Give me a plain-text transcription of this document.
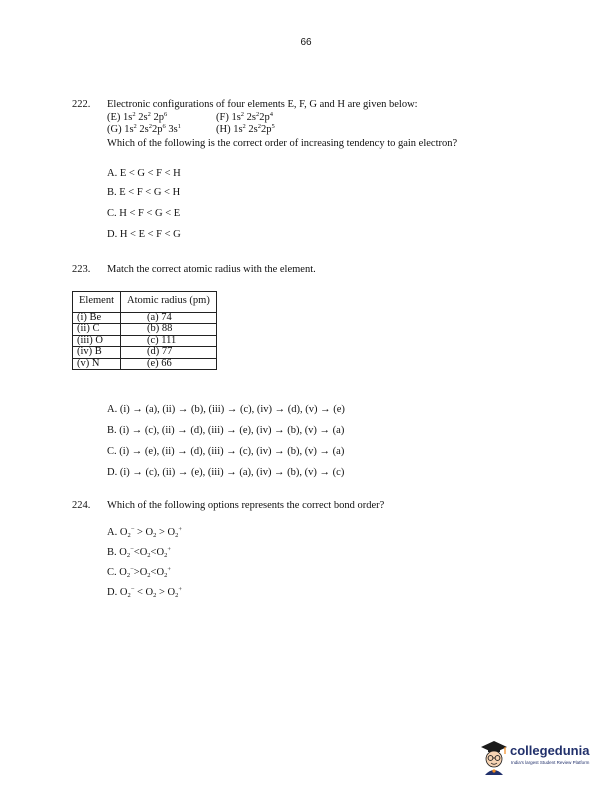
66
222. Electronic configurations of four elements E, F, G and H are given below:
(E) $1s^2$ $2s^2$ $2p^6$	(F) $1s^2$ $2s^22p^4$
(G) $1s^2$ $2s^22p^6$ $3s^1$	(H) $1s^2$ $2s^22p^5$
Which of the following is the correct order of increasing tendency to gain electron?
A. E < G < F < H
B. E < F < G < H
C. H < F < G < E
D. H < E < F < G
223. Match the correct atomic radius with the element.
Element	Atomic radius (pm)
(i) Be	(a) 74
(ii) C	(b) 88
(iii) O	(c) 111
(iv) B	(d) 77
(v) N	(e) 66
A. (i) → (a), (ii) → (b), (iii) → (c), (iv) → (d), (v) → (e)
B. (i) → (c), (ii) → (d), (iii) → (e), (iv) → (b), (v) → (a)
C. (i) → (e), (ii) → (d), (iii) → (c), (iv) → (b), (v) → (a)
D. (i) → (c), (ii) → (e), (iii) → (a), (iv) → (b), (v) → (c)
224. Which of the following options represents the correct bond order?
A. $O_2^- > O_2 > O_2^+$
B. $O_2^-<O_2<O_2^+$
C. $O_2^->O_2<O_2^+$
D. $O_2^- < O_2 > O_2^+$
collegedunia
India's largest Student Review Platform
